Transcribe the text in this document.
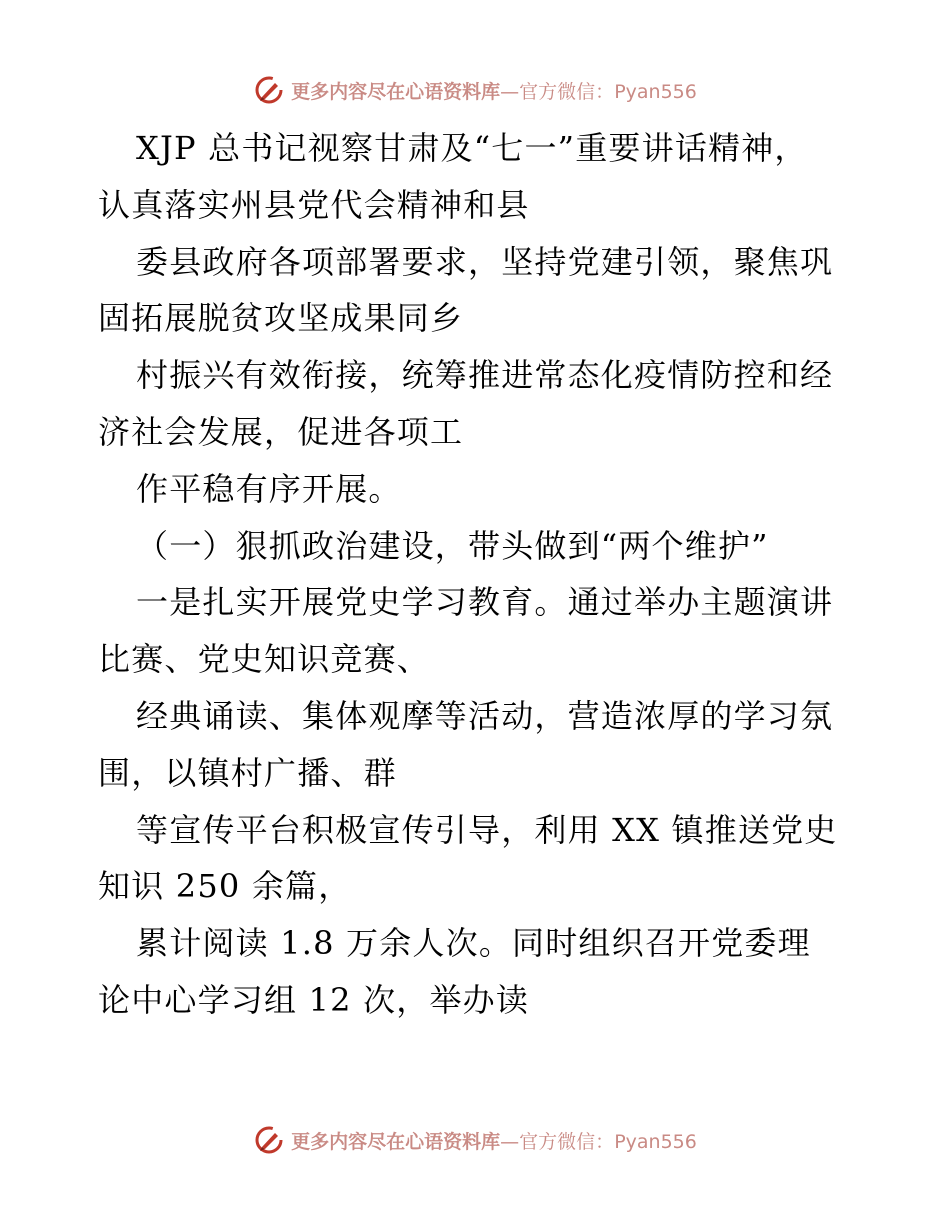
更多内容尽在心语资料库—官方微信：Pyan556
XJP 总书记视察甘肃及“七一”重要讲话精神，
认真落实州县党代会精神和县
委县政府各项部署要求，坚持党建引领，聚焦巩
固拓展脱贫攻坚成果同乡
村振兴有效衔接，统筹推进常态化疫情防控和经
济社会发展，促进各项工
作平稳有序开展。
（一）狠抓政治建设，带头做到“两个维护”
一是扎实开展党史学习教育。通过举办主题演讲
比赛、党史知识竞赛、
经典诵读、集体观摩等活动，营造浓厚的学习氛
围，以镇村广播、群
等宣传平台积极宣传引导，利用 XX 镇推送党史
知识 250 余篇，
累计阅读 1.8 万余人次。同时组织召开党委理
论中心学习组 12 次，举办读
更多内容尽在心语资料库—官方微信：Pyan556
